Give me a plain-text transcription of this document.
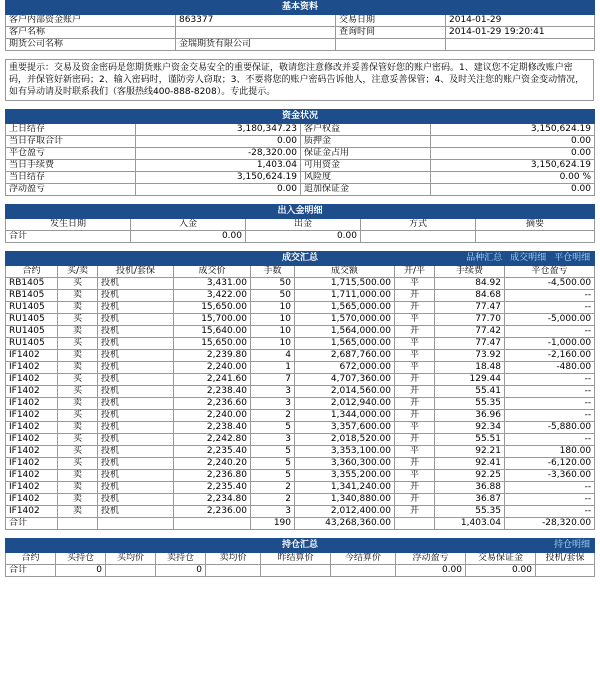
基本资料			
客户内部资金账户	863377	交易日期	2014-01-29
客户名称		查询时间	2014-01-29 19:20:41
期货公司名称	金瑞期货有限公司		
重要提示：交易及资金密码是您期货账户资金交易安全的重要保证，敬请您注意修改并妥善保管好您的账户密码。1、建议您不定期修改账户密码，并保管好新密码；2、输入密码时，谨防旁人窃取；3、不要将您的账户密码告诉他人，注意妥善保管；4、及时关注您的账户资金变动情况，如有异动请及时联系我们（客服热线400-888-8208）。专此提示。
资金状况			
上日结存	3,180,347.23	客户权益	3,150,624.19
当日存取合计	0.00	质押金	0.00
平仓盈亏	-28,320.00	保证金占用	0.00
当日手续费	1,403.04	可用资金	3,150,624.19
当日结存	3,150,624.19	风险度	0.00 %
浮动盈亏	0.00	追加保证金	0.00
出入金明细				
发生日期	入金	出金	方式	摘要
合计	0.00	0.00		
成交汇总 品种汇总 成交明细 平仓明细								

合约	买/卖	投机/套保	成交价	手数	成交额	开/平	手续费	平仓盈亏
RB1405	买	投机	3,431.00	50	1,715,500.00	平	84.92	-4,500.00
RB1405	卖	投机	3,422.00	50	1,711,000.00	开	84.68	--
RU1405	卖	投机	15,650.00	10	1,565,000.00	开	77.47	--
RU1405	买	投机	15,700.00	10	1,570,000.00	平	77.70	-5,000.00
RU1405	卖	投机	15,640.00	10	1,564,000.00	开	77.42	--
RU1405	买	投机	15,650.00	10	1,565,000.00	平	77.47	-1,000.00
IF1402	卖	投机	2,239.80	4	2,687,760.00	平	73.92	-2,160.00
IF1402	卖	投机	2,240.00	1	672,000.00	平	18.48	-480.00
IF1402	买	投机	2,241.60	7	4,707,360.00	开	129.44	--
IF1402	买	投机	2,238.40	3	2,014,560.00	开	55.41	--
IF1402	卖	投机	2,236.60	3	2,012,940.00	开	55.35	--
IF1402	买	投机	2,240.00	2	1,344,000.00	开	36.96	--
IF1402	卖	投机	2,238.40	5	3,357,600.00	平	92.34	-5,880.00
IF1402	买	投机	2,242.80	3	2,018,520.00	开	55.51	--
IF1402	买	投机	2,235.40	5	3,353,100.00	平	92.21	180.00
IF1402	买	投机	2,240.20	5	3,360,300.00	开	92.41	-6,120.00
IF1402	卖	投机	2,236.80	5	3,355,200.00	平	92.25	-3,360.00
IF1402	卖	投机	2,235.40	2	1,341,240.00	开	36.88	--
IF1402	卖	投机	2,234.80	2	1,340,880.00	开	36.87	--
IF1402	卖	投机	2,236.00	3	2,012,400.00	开	55.35	--
合计				190	43,268,360.00		1,403.04	-28,320.00
持仓汇总 持仓明细									

合约	买持仓	买均价	卖持仓	卖均价	昨结算价	今结算价	浮动盈亏	交易保证金	投机/套保
合计	0		0				0.00	0.00	
